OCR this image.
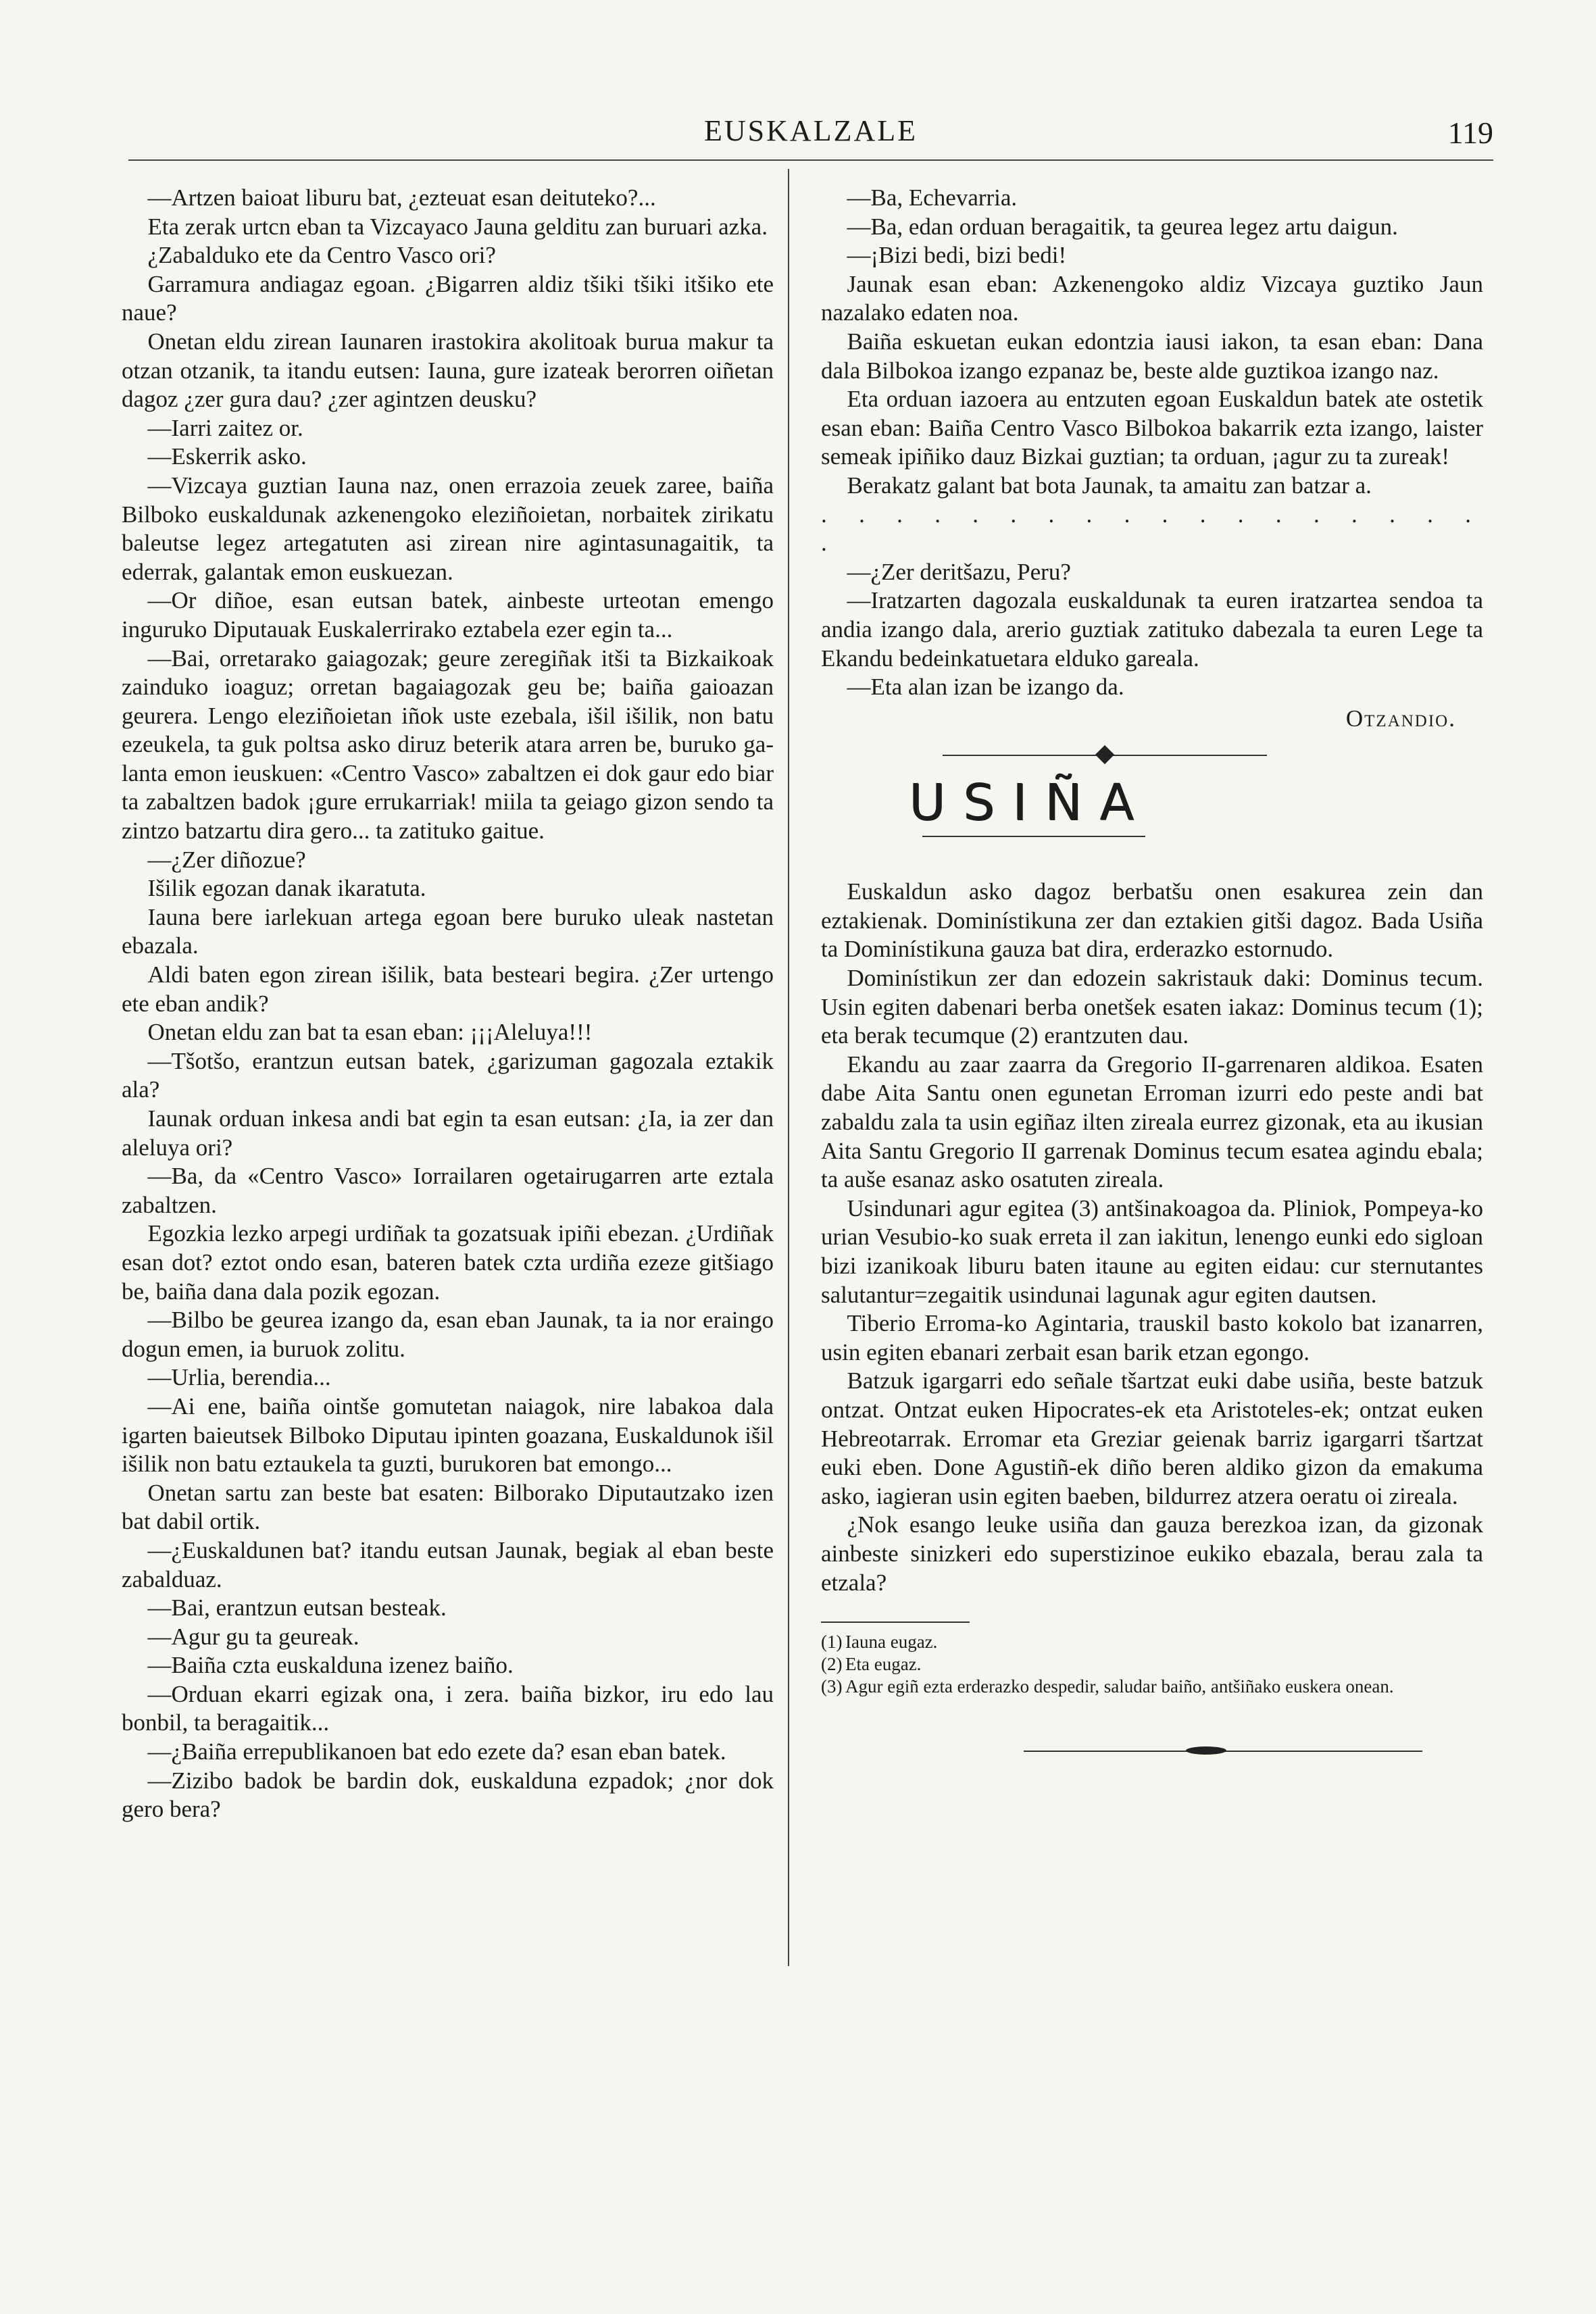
EUSKALZALE	119

—Artzen baioat liburu bat, ¿ezteuat esan deituteko?...

Eta zerak urtcn eban ta Vizcayaco Jauna gelditu zan buruari azka.

¿Zabalduko ete da Centro Vasco ori?

Garramura andiagaz egoan. ¿Bigarren aldiz tšiki tšiki itšiko ete naue?

Onetan eldu zirean Iaunaren irastokira akolitoak burua makur ta otzan otzanik, ta itandu eutsen: Iauna, gure izateak berorren oiñetan dagoz ¿zer gura dau? ¿zer agintzen deusku?

—Iarri zaitez or.

—Eskerrik asko.

—Vizcaya guztian Iauna naz, onen errazoia zeuek zaree, baiña Bilboko euskaldunak azkenengoko eleziñoietan, norbaitek zirikatu baleutse legez artegatuten asi zirean nire agintasunagaitik, ta ederrak, galantak emon euskuezan.

—Or diñoe, esan eutsan batek, ainbeste urteotan emengo inguruko Diputauak Euskalerrirako eztabela ezer egin ta...

—Bai, orretarako gaiagozak; geure zeregiñak itši ta Bizkaikoak zainduko ioaguz; orretan bagaiagozak geu be; baiña gaioazan geurera. Lengo eleziñoietan iñok uste ezebala, išil išilik, non batu ezeukela, ta guk poltsa asko diruz beterik atara arren be, buruko galanta emon ieuskuen: «Centro Vasco» zabaltzen ei dok gaur edo biar ta zabaltzen badok ¡gure errukarriak! miila ta geiago gizon sendo ta zintzo batzartu dira gero... ta zatituko gaitue.

—¿Zer diñozue?

Išilik egozan danak ikaratuta.

Iauna bere iarlekuan artega egoan bere buruko uleak nastetan ebazala.

Aldi baten egon zirean išilik, bata besteari begira. ¿Zer urtengo ete eban andik?

Onetan eldu zan bat ta esan eban: ¡¡¡Aleluya!!!

—Tšotšo, erantzun eutsan batek, ¿garizuman gagozala eztakik ala?

Iaunak orduan inkesa andi bat egin ta esan eutsan: ¿Ia, ia zer dan aleluya ori?

—Ba, da «Centro Vasco» Iorrailaren ogetairugarren arte eztala zabaltzen.

Egozkia lezko arpegi urdiñak ta gozatsuak ipiñi ebezan. ¿Urdiñak esan dot? eztot ondo esan, bateren batek czta urdiña ezeze gitšiago be, baiña dana dala pozik egozan.

—Bilbo be geurea izango da, esan eban Jaunak, ta ia nor eraingo dogun emen, ia buruok zolitu.

—Urlia, berendia...

—Ai ene, baiña ointše gomutetan naiagok, nire labakoa dala igarten baieutsek Bilboko Diputau ipinten goazana, Euskaldunok išil išilik non batu eztaukela ta guzti, burukoren bat emongo...

Onetan sartu zan beste bat esaten: Bilborako Diputautzako izen bat dabil ortik.

—¿Euskaldunen bat? itandu eutsan Jaunak, begiak al eban beste zabalduaz.

—Bai, erantzun eutsan besteak.

—Agur gu ta geureak.

—Baiña czta euskalduna izenez baiño.

—Orduan ekarri egizak ona, i zera. baiña bizkor, iru edo lau bonbil, ta beragaitik...

—¿Baiña errepublikanoen bat edo ezete da? esan eban batek.

—Zizibo badok be bardin dok, euskalduna ezpadok; ¿nor dok gero bera?

—Ba, Echevarria.

—Ba, edan orduan beragaitik, ta geurea legez artu daigun.

—¡Bizi bedi, bizi bedi!

Jaunak esan eban: Azkenengoko aldiz Vizcaya guztiko Jaun nazalako edaten noa.

Baiña eskuetan eukan edontzia iausi iakon, ta esan eban: Dana dala Bilbokoa izango ezpanaz be, beste alde guztikoa izango naz.

Eta orduan iazoera au entzuten egoan Euskaldun batek ate ostetik esan eban: Baiña Centro Vasco Bilbokoa bakarrik ezta izango, laister semeak ipiñiko dauz Bizkai guztian; ta orduan, ¡agur zu ta zureak!

Berakatz galant bat bota Jaunak, ta amaitu zan batzar a.

. . . . . . . . . . . . . . . . . . .

—¿Zer deritšazu, Peru?

—Iratzarten dagozala euskaldunak ta euren iratzartea sendoa ta andia izango dala, arerio guztiak zatituko dabezala ta euren Lege ta Ekandu bedeinkatuetara elduko gareala.

—Eta alan izan be izango da.

Otzandio.

USIÑA

Euskaldun asko dagoz berbatšu onen esakurea zein dan eztakienak. Dominístikuna zer dan eztakien gitši dagoz. Bada Usiña ta Dominístikuna gauza bat dira, erderazko estornudo.

Dominístikun zer dan edozein sakristauk daki: Dominus tecum. Usin egiten dabenari berba onetšek esaten iakaz: Dominus tecum (1); eta berak tecumque (2) erantzuten dau.

Ekandu au zaar zaarra da Gregorio II-garrenaren aldikoa. Esaten dabe Aita Santu onen egunetan Erroman izurri edo peste andi bat zabaldu zala ta usin egiñaz ilten zireala eurrez gizonak, eta au ikusian Aita Santu Gregorio II garrenak Dominus tecum esatea agindu ebala; ta auše esanaz asko osatuten zireala.

Usindunari agur egitea (3) antšinakoagoa da. Pliniok, Pompeya-ko urian Vesubio-ko suak erreta il zan iakitun, lenengo eunki edo sigloan bizi izanikoak liburu baten itaune au egiten eidau: cur sternutantes salutantur=zegaitik usindunai lagunak agur egiten dautsen.

Tiberio Erroma-ko Agintaria, trauskil basto kokolo bat izanarren, usin egiten ebanari zerbait esan barik etzan egongo.

Batzuk igargarri edo señale tšartzat euki dabe usiña, beste batzuk ontzat. Ontzat euken Hipocrates-ek eta Aristoteles-ek; ontzat euken Hebreotarrak. Erromar eta Greziar geienak barriz igargarri tšartzat euki eben. Done Agustiñ-ek diño beren aldiko gizon da emakuma asko, iagieran usin egiten baeben, bildurrez atzera oeratu oi zireala.

¿Nok esango leuke usiña dan gauza berezkoa izan, da gizonak ainbeste sinizkeri edo superstizinoe eukiko ebazala, berau zala ta etzala?

(1) Iauna eugaz.

(2) Eta eugaz.

(3) Agur egiñ ezta erderazko despedir, saludar baiño, antšiñako euskera onean.
